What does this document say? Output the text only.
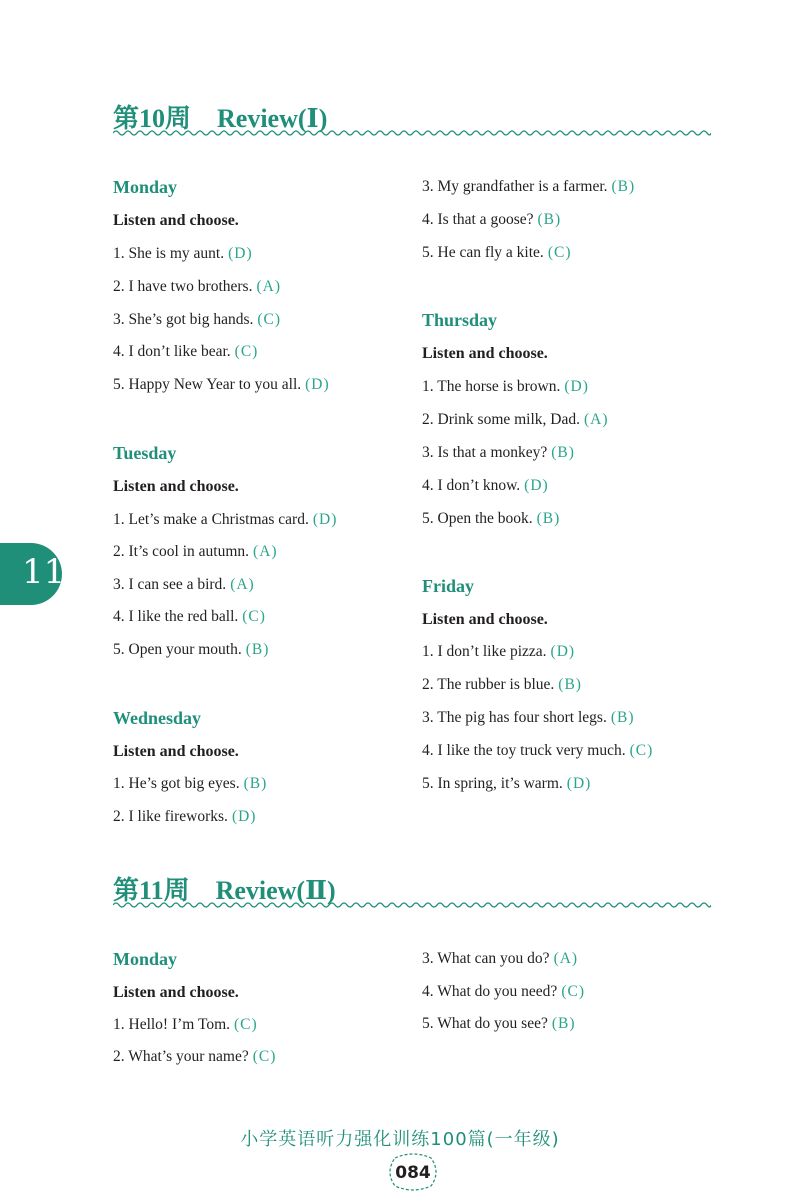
第10周 Review(Ⅰ)
Monday
Listen and choose.
1. She is my aunt. (D)
2. I have two brothers. (A)
3. She’s got big hands. (C)
4. I don’t like bear. (C)
5. Happy New Year to you all. (D)
Tuesday
Listen and choose.
1. Let’s make a Christmas card. (D)
2. It’s cool in autumn. (A)
3. I can see a bird. (A)
4. I like the red ball. (C)
5. Open your mouth. (B)
Wednesday
Listen and choose.
1. He’s got big eyes. (B)
2. I like fireworks. (D)
3. My grandfather is a farmer. (B)
4. Is that a goose? (B)
5. He can fly a kite. (C)
Thursday
Listen and choose.
1. The horse is brown. (D)
2. Drink some milk, Dad. (A)
3. Is that a monkey? (B)
4. I don’t know. (D)
5. Open the book. (B)
Friday
Listen and choose.
1. I don’t like pizza. (D)
2. The rubber is blue. (B)
3. The pig has four short legs. (B)
4. I like the toy truck very much. (C)
5. In spring, it’s warm. (D)
第11周 Review(Ⅱ)
Monday
Listen and choose.
1. Hello! I’m Tom. (C)
2. What’s your name? (C)
3. What can you do? (A)
4. What do you need? (C)
5. What do you see? (B)
11
小学英语听力强化训练100篇(一年级)
084
